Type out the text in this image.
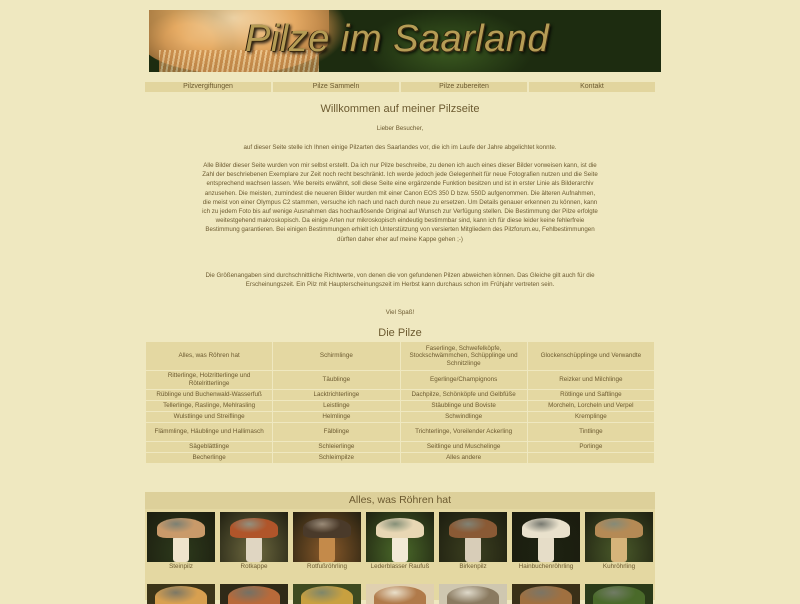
Pilze im Saarland
Pilzvergiftungen	Pilze Sammeln	Pilze zubereiten	Kontakt
Willkommen auf meiner Pilzseite
Lieber Besucher,
auf dieser Seite stelle ich Ihnen einige Pilzarten des Saarlandes vor, die ich im Laufe der Jahre abgelichtet konnte.
Alle Bilder dieser Seite wurden von mir selbst erstellt. Da ich nur Pilze beschreibe, zu denen ich auch eines dieser Bilder vorweisen kann, ist die Zahl der beschriebenen Exemplare zur Zeit noch recht beschränkt. Ich werde jedoch jede Gelegenheit für neue Fotografien nutzen und die Seite entsprechend wachsen lassen. Wie bereits erwähnt, soll diese Seite eine ergänzende Funktion besitzen und ist in erster Linie als Bilderarchiv anzusehen. Die meisten, zumindest die neueren Bilder wurden mit einer Canon EOS 350 D bzw. 550D aufgenommen. Die älteren Aufnahmen, die meist von einer Olympus C2 stammen, versuche ich nach und nach durch neue zu ersetzen. Um Details genauer erkennen zu können, kann ich zu jedem Foto bis auf wenige Ausnahmen das hochauflösende Original auf Wunsch zur Verfügung stellen. Die Bestimmung der Pilze erfolgte weitestgehend makroskopisch. Da einige Arten nur mikroskopisch eindeutig bestimmbar sind, kann ich für diese leider keine fehlerfreie Bestimmung garantieren. Bei einigen Bestimmungen erhielt ich Unterstützung von versierten Mitgliedern des Pilzforum.eu, Fehlbestimmungen dürften daher eher auf meine Kappe gehen ;-)
Die Größenangaben sind durchschnittliche Richtwerte, von denen die von gefundenen Pilzen abweichen können. Das Gleiche gilt auch für die Erscheinungszeit. Ein Pilz mit Haupterscheinungszeit im Herbst kann durchaus schon im Frühjahr vertreten sein.
Viel Spaß!
Die Pilze
Alles, was Röhren hat	Schirmlinge	Faserlinge, Schwefelköpfe, Stockschwämmchen, Schüpplinge und Schnitzlinge	Glockenschüpplinge und Verwandte
Ritterlinge, Holzritterlinge und Rötelritterlinge	Täublinge	Egerlinge/Champignons	Reizker und Milchlinge
Rüblinge und Buchenwald-Wasserfuß	Lacktrichterlinge	Dachpilze, Schönköpfe und Gelbfüße	Rötlinge und Saftlinge
Tellerlinge, Raslinge, Mehlrasling	Leistlinge	Stäublinge und Boviste	Morcheln, Lorcheln und Verpel
Wulstlinge und Streiflinge	Helmlinge	Schwindlinge	Kremplinge
Flämmlinge, Häublinge und Hallimasch	Fälblinge	Trichterlinge, Voreilender Ackerling	Tintlinge
Sägeblättlinge	Schleierlinge	Seitlinge und Muschelinge	Porlinge
Becherlinge	Schleimpilze	Alles andere	
Alles, was Röhren hat
Steinpilz	Rotkappe	Rotfußröhrling	Lederblasser Raufuß	Birkenpilz	Hainbuchenröhrling	Kuhröhrling
